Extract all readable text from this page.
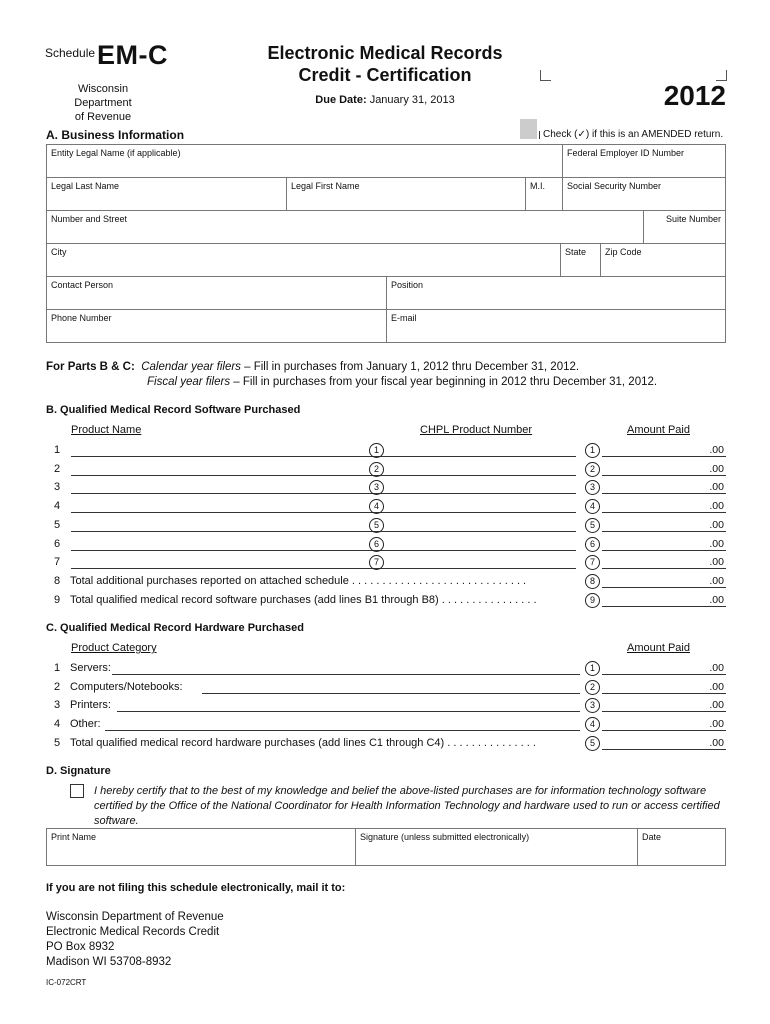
Schedule EM-C
Wisconsin Department
of Revenue
Electronic Medical Records
Credit - Certification
Due Date: January 31, 2013	2012
A. Business Information	Check (✓) if this is an AMENDED return.
Entity Legal Name (if applicable)			Federal Employer ID Number
Legal Last Name	Legal First Name	M.I.	Social Security Number
Number and Street	Suite Number
City	State	Zip Code
Contact Person	Position
Phone Number	E-mail
For Parts B & C: Calendar year filers – Fill in purchases from January 1, 2012 thru December 31, 2012.
Fiscal year filers – Fill in purchases from your fiscal year beginning in 2012 thru December 31, 2012.
B. Qualified Medical Record Software Purchased
Product Name	CHPL Product Number	Amount Paid
1	1	1	.00
2	2	2	.00
3	3	3	.00
4	4	4	.00
5	5	5	.00
6	6	6	.00
7	7	7	.00
8 Total additional purchases reported on attached schedule . . . . . . . . . . . . . . . . . . . . . . . . . . . . .	8	.00
9 Total qualified medical record software purchases (add lines B1 through B8) . . . . . . . . . . . . . . . .	9	.00
C. Qualified Medical Record Hardware Purchased
Product Category	Amount Paid
1 Servers:	1	.00
2 Computers/Notebooks:	2	.00
3 Printers:	3	.00
4 Other:	4	.00
5 Total qualified medical record hardware purchases (add lines C1 through C4) . . . . . . . . . . . . . . .	5	.00
D. Signature
I hereby certify that to the best of my knowledge and belief the above-listed purchases are for information technology software certified by the Office of the National Coordinator for Health Information Technology and hardware used to run or access certified software.
Print Name	Signature (unless submitted electronically)	Date
If you are not filing this schedule electronically, mail it to:
Wisconsin Department of Revenue
Electronic Medical Records Credit
PO Box 8932
Madison WI 53708-8932
IC-072CRT
